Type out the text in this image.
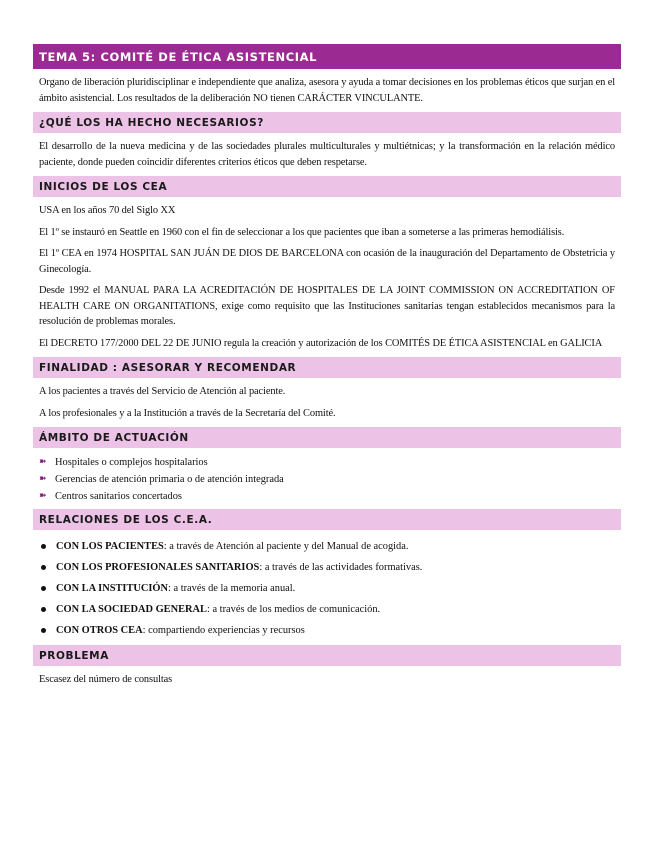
TEMA 5: COMITÉ DE ÉTICA ASISTENCIAL

Organo de liberación pluridisciplinar e independiente que analiza, asesora y ayuda a tomar decisiones en los problemas éticos que surjan en el ámbito asistencial. Los resultados de la deliberación NO tienen CARÁCTER VINCULANTE.

¿QUÉ LOS HA HECHO NECESARIOS?

El desarrollo de la nueva medicina y de las sociedades plurales multiculturales y multiétnicas; y la transformación en la relación médico paciente, donde pueden coincidir diferentes criterios éticos que deben respetarse.

INICIOS DE LOS CEA

USA en los años 70 del Siglo XX

El 1º se instauró en Seattle en 1960 con el fin de seleccionar a los que pacientes que iban a someterse a las primeras hemodiálisis.

El 1º CEA en 1974 HOSPITAL SAN JUÁN DE DIOS DE BARCELONA con ocasión de la inauguración del Departamento de Obstetricia y Ginecología.

Desde 1992 el MANUAL PARA LA ACREDITACIÓN DE HOSPITALES DE LA JOINT COMMISSION ON ACCREDITATION OF HEALTH CARE ON ORGANITATIONS, exige como requisito que las Instituciones sanitarias tengan establecidos mecanismos para la resolución de problemas morales.

El DECRETO 177/2000 DEL 22 DE JUNIO regula la creación y autorización de los COMITÉS DE ÉTICA ASISTENCIAL en GALICIA

FINALIDAD : ASESORAR Y RECOMENDAR

A los pacientes a través del Servicio de Atención al paciente.

A los profesionales y a la Institución a través de la Secretaría del Comité.

ÁMBITO DE ACTUACIÓN
➽ Hospitales o complejos hospitalarios
➽ Gerencias de atención primaria o de atención integrada
➽ Centros sanitarios concertados
RELACIONES DE LOS C.E.A.
CON LOS PACIENTES: a través de Atención al paciente y del Manual de acogida.
CON LOS PROFESIONALES SANITARIOS: a través de las actividades formativas.
CON LA INSTITUCIÓN: a través de la memoria anual.
CON LA SOCIEDAD GENERAL: a través de los medios de comunicación.
CON OTROS CEA: compartiendo experiencias y recursos
PROBLEMA

Escasez del número de consultas
